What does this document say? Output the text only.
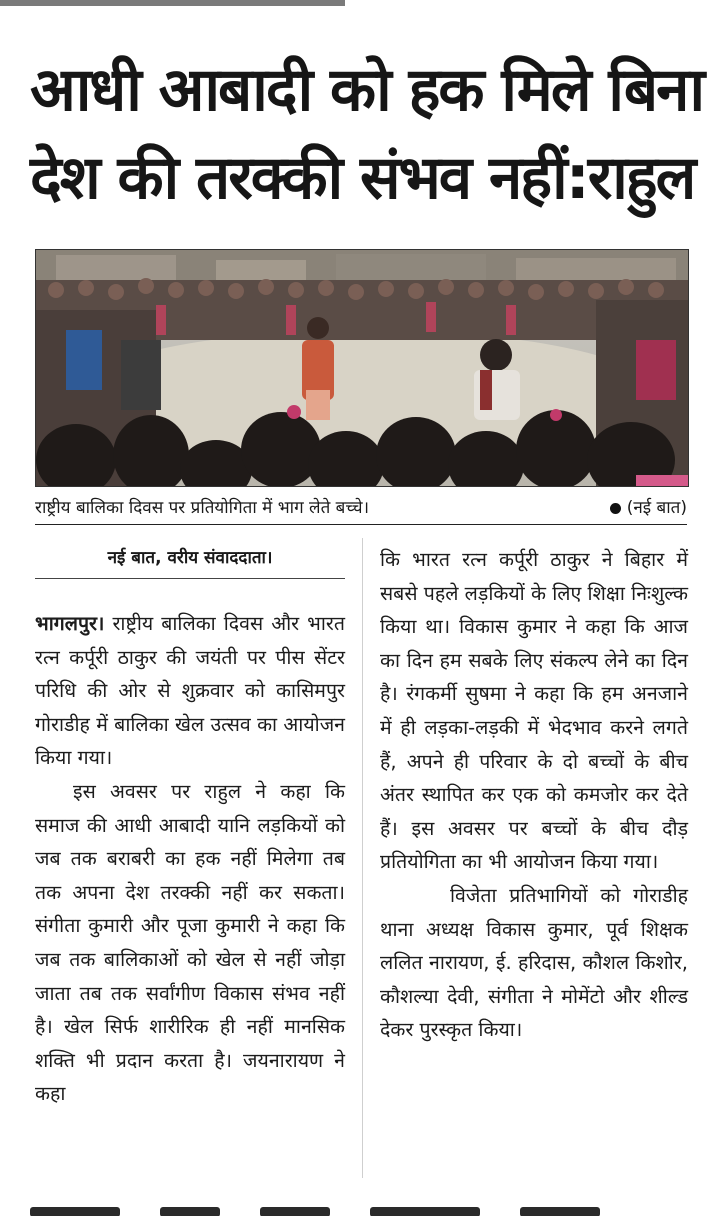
आधी आबादी को हक मिले बिना
देश की तरक्की संभव नहीं:राहुल
राष्ट्रीय बालिका दिवस पर प्रतियोगिता में भाग लेते बच्चे।	(नई बात)
नई बात, वरीय संवाददाता।

भागलपुर। राष्ट्रीय बालिका दिवस और भारत रत्न कर्पूरी ठाकुर की जयंती पर पीस सेंटर परिधि की ओर से शुक्रवार को कासिमपुर गोराडीह में बालिका खेल उत्सव का आयोजन किया गया।

इस अवसर पर राहुल ने कहा कि समाज की आधी आबादी यानि लड़कियों को जब तक बराबरी का हक नहीं मिलेगा तब तक अपना देश तरक्की नहीं कर सकता। संगीता कुमारी और पूजा कुमारी ने कहा कि जब तक बालिकाओं को खेल से नहीं जोड़ा जाता तब तक सर्वांगीण विकास संभव नहीं है। खेल सिर्फ शारीरिक ही नहीं मानसिक शक्ति भी प्रदान करता है। जयनारायण ने कहा

कि भारत रत्न कर्पूरी ठाकुर ने बिहार में सबसे पहले लड़कियों के लिए शिक्षा निःशुल्क किया था। विकास कुमार ने कहा कि आज का दिन हम सबके लिए संकल्प लेने का दिन है। रंगकर्मी सुषमा ने कहा कि हम अनजाने में ही लड़का-लड़की में भेदभाव करने लगते हैं, अपने ही परिवार के दो बच्चों के बीच अंतर स्थापित कर एक को कमजोर कर देते हैं। इस अवसर पर बच्चों के बीच दौड़ प्रतियोगिता का भी आयोजन किया गया।

विजेता प्रतिभागियों को गोराडीह थाना अध्यक्ष विकास कुमार, पूर्व शिक्षक ललित नारायण, ई. हरिदास, कौशल किशोर, कौशल्या देवी, संगीता ने मोमेंटो और शील्ड देकर पुरस्कृत किया।
